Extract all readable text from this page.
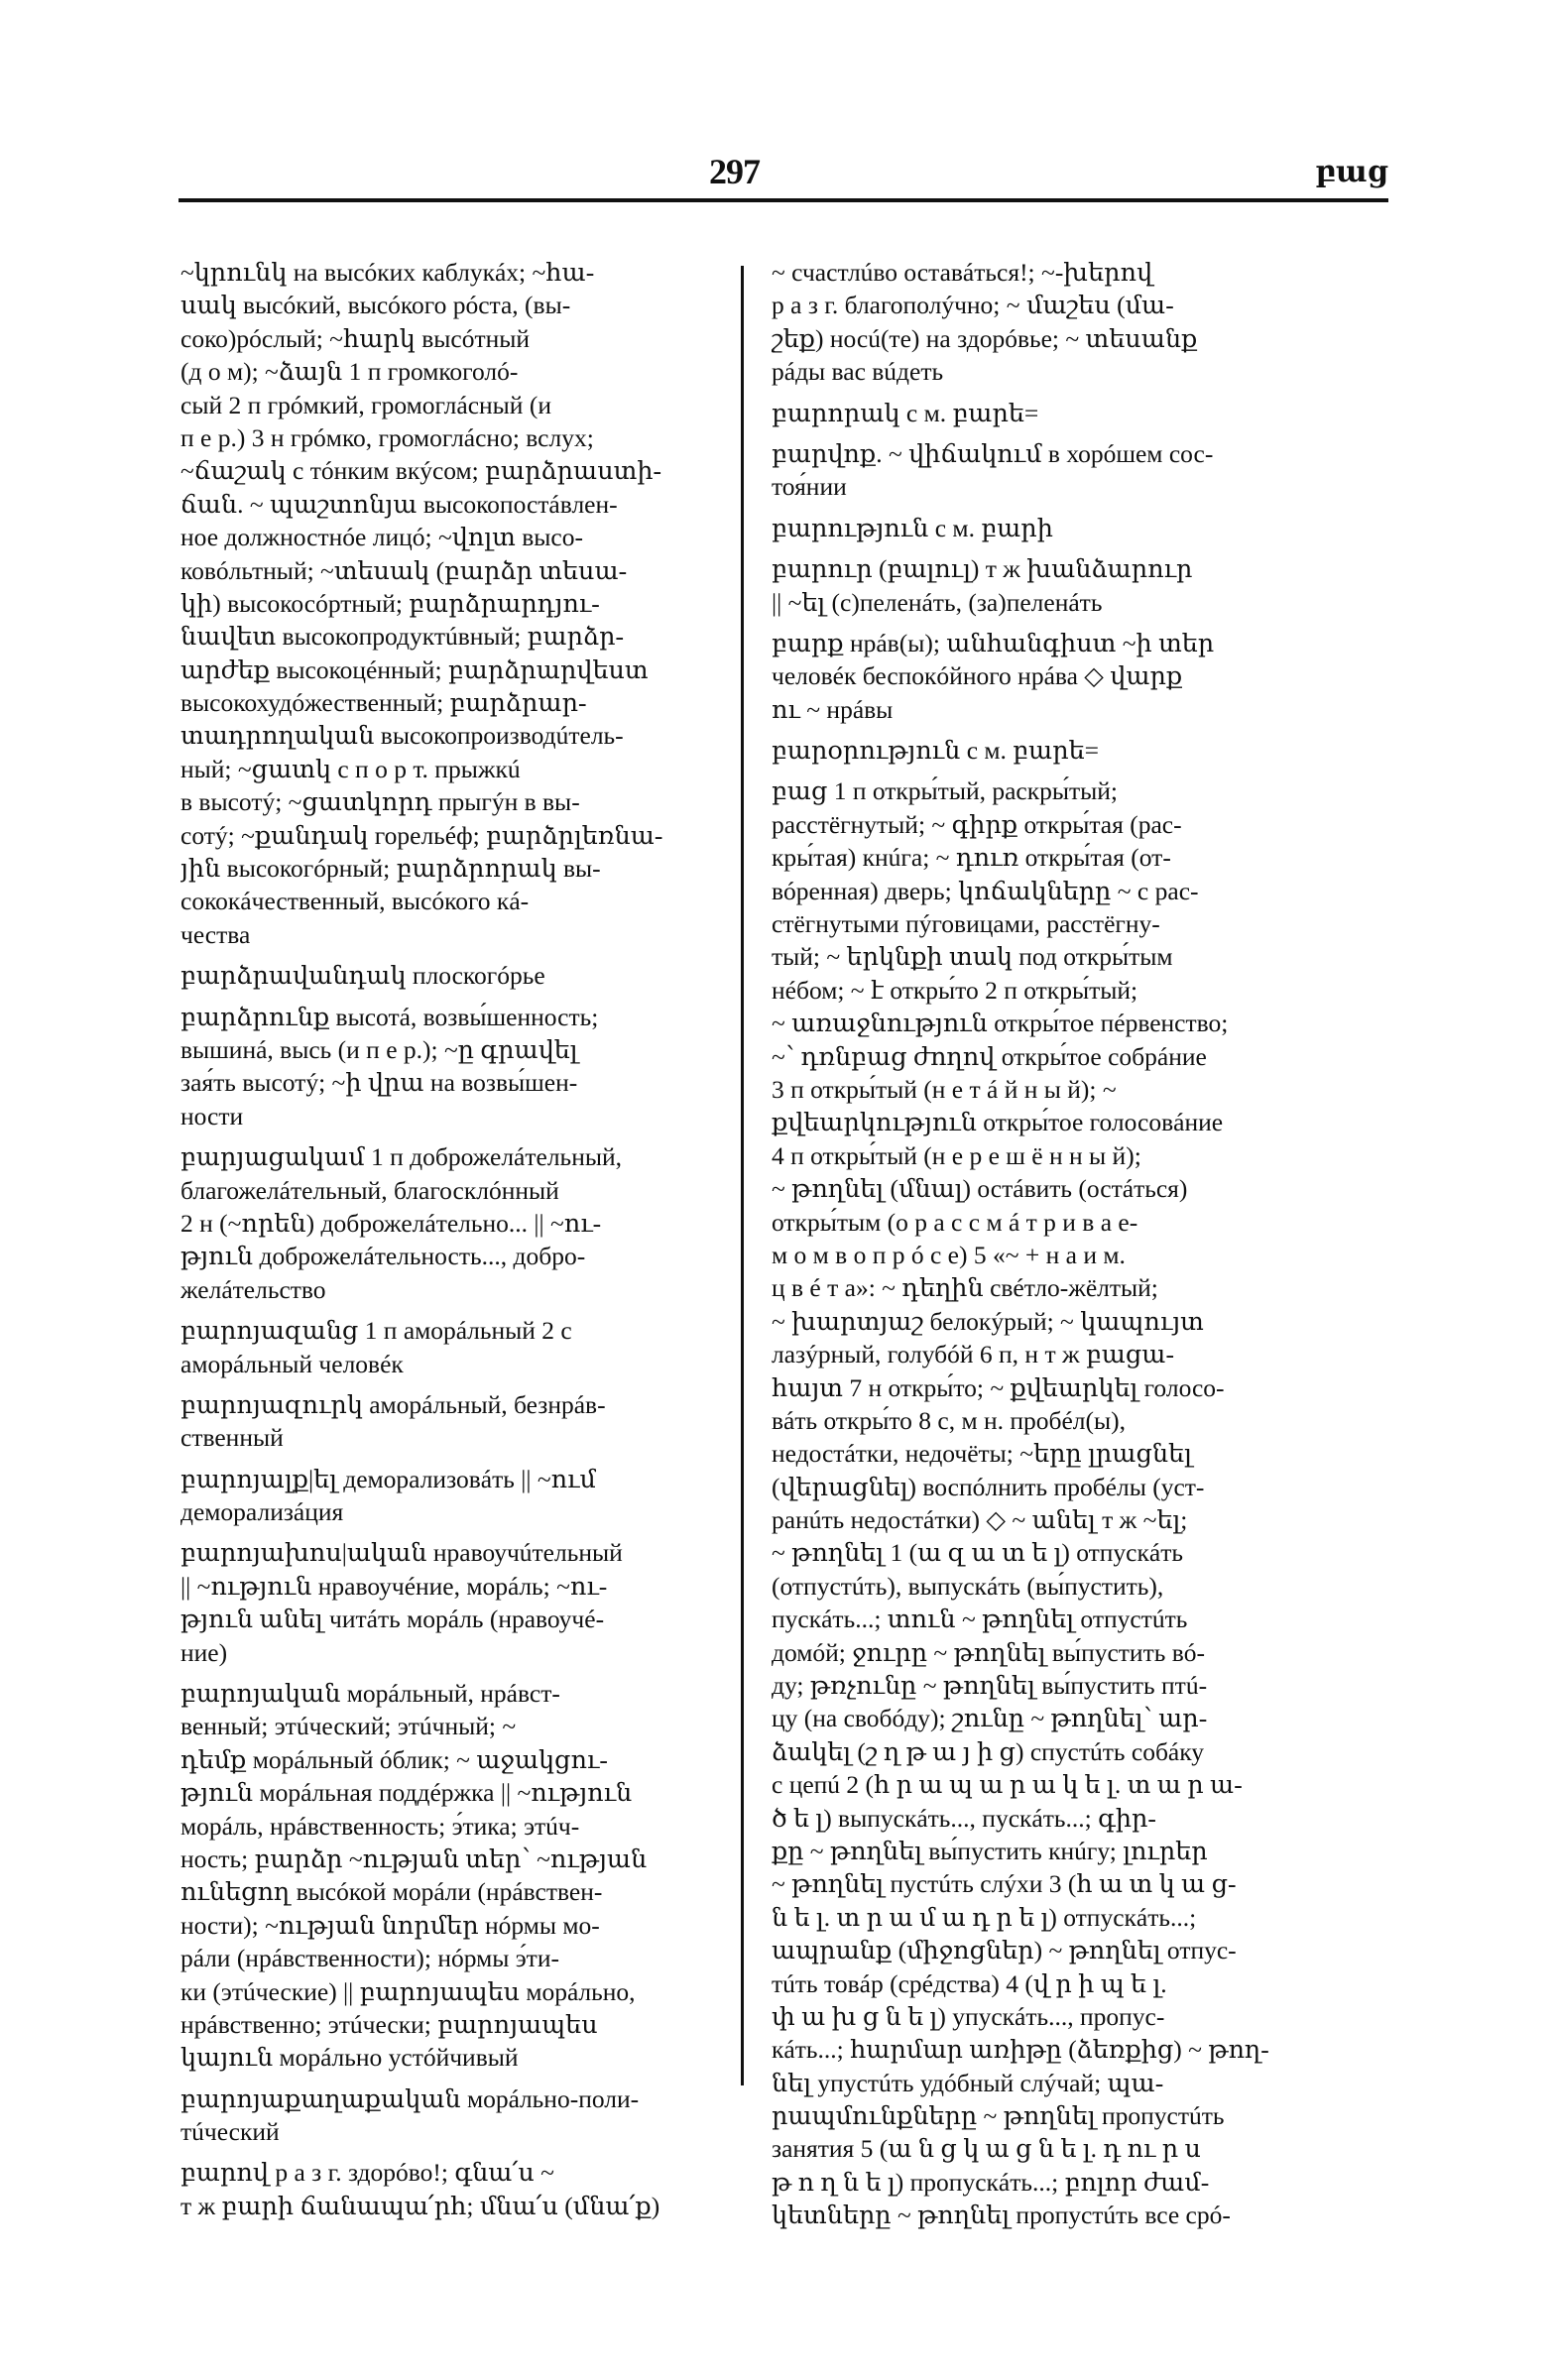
297	բաց
~կրունկ на высóких каблукáх; ~հա-
սակ высóкий, высóкого рóста, (вы-
соко)рóслый; ~հարկ высóтный
(д о м); ~ձայն 1 п громкоголó-
сый 2 п грóмкий, громоглáсный (и
п е р.) 3 н грóмко, громоглáсно; вслух;
~ճաշակ с тóнким вкýсом; բարձրաստի-
ճան. ~ պաշտոնյա высокопостáвлен-
ное должностнóе лицó; ~վոլտ высо-
ковóльтный; ~տեսակ (բարձր տեսա-
կի) высокосóртный; բարձրարդյու-
նավետ высокопродуктúвный; բարձր-
արժեք высокоцéнный; բարձրարվեստ
высокохудóжественный; բարձրար-
տադրողական высокопроизводúтель-
ный; ~ցատկ с п о р т. прыжкú
в высотý; ~ցատկորդ прыгýн в вы-
сотý; ~քանդակ горельéф; բարձրլեռնա-
յին высокогóрный; բարձրորակ вы-
сококáчественный, высóкого кá-
чества
բարձրավանդակ плоскогóрье
բարձրունք высотá, возвы́шенность;
вышинá, высь (и п е р.); ~ը գրավել
зая́ть высотý; ~ի վրա на возвы́шен-
ности
բարյացակամ 1 п доброжелáтельный,
благожелáтельный, благосклóнный
2 н (~որեն) доброжелáтельно... || ~ու-
թյուն доброжелáтельность..., добро-
желáтельство
բարոյազանց 1 п аморáльный 2 с
аморáльный человéк
բարոյազուրկ аморáльный, безнрáв-
ственный
բարոյալք|ել деморализовáть || ~ում
деморализáция
բարոյախոս|ական нравоучúтельный
|| ~ություն нравоучéние, морáль; ~ու-
թյուն անել читáть морáль (нравоучé-
ние)
բարոյական морáльный, нрáвст-
венный; этúческий; этúчный; ~
դեմք морáльный óблик; ~ աջակցու-
թյուն морáльная поддéржка || ~ություն
морáль, нрáвственность; э́тика; этúч-
ность; բարձր ~ության տեր՝ ~ության
ունեցող высóкой морáли (нрáвствен-
ности); ~ության նորմեր нóрмы мо-
рáли (нрáвственности); нóрмы э́ти-
ки (этúческие) || բարոյապես морáльно,
нрáвственно; этúчески; բարոյապես
կայուն морáльно устóйчивый
բարոյաքաղաքական морáльно-поли-
тúческий
բարով р а з г. здорóво!; գնա՛ս ~
т ж բարի ճանապա՛րհ; մնա՛ս (մնա՛ք)
~ счастлúво оставáться!; ~-խերով
р а з г. благополýчно; ~ մաշես (մա-
շեք) носú(те) на здорóвье; ~ տեսանք
рáды вас вúдеть
բարորակ с м. բարե=
բարվոք. ~ վիճակում в хорóшем сос-
тоя́нии
բարություն с м. բարի
բարուր (բալուլ) т ж խանձարուր
|| ~ել (с)пеленáть, (за)пеленáть
բարք нрáв(ы); անհանգիստ ~ի տեր
человéк беспокóйного нрáва ◇ վարք
ու ~ нрáвы
բարօրություն с м. բարե=
բաց 1 п откры́тый, раскры́тый;
расстёгнутый; ~ գիրք откры́тая (рас-
кры́тая) кнúга; ~ դուռ откры́тая (от-
вóренная) дверь; կոճակները ~ с рас-
стёгнутыми пýговицами, расстёгну-
тый; ~ երկնքի տակ под откры́тым
нéбом; ~ է откры́то 2 п откры́тый;
~ առաջնություն откры́тое пéрвенство;
~՝ դռնբաց ժողով откры́тое собрáние
3 п откры́тый (н е т á й н ы й); ~
քվեարկություն откры́тое голосовáние
4 п откры́тый (н е р е ш ё н н ы й);
~ թողնել (մնալ) остáвить (остáться)
откры́тым (о р а с с м á т р и в а е-
м о м в о п р ó с е) 5 «~ + н а и м.
ц в é т а»: ~ դեղին свéтло-жёлтый;
~ խարտյաշ белокýрый; ~ կապույտ
лазýрный, голубóй 6 п, н т ж բացա-
հայտ 7 н откры́то; ~ քվեարկել голосо-
вáть откры́то 8 с, м н. пробéл(ы),
недостáтки, недочёты; ~երը լրացնել
(վերացնել) воспóлнить пробéлы (уст-
ранúть недостáтки) ◇ ~ անել т ж ~ել;
~ թողնել 1 (ա զ ա տ ե լ) отпускáть
(отпустúть), выпускáть (вы́пустить),
пускáть...; տուն ~ թողնել отпустúть
домóй; ջուրը ~ թողնել вы́пустить вó-
ду; թռչունը ~ թողնել вы́пустить птú-
цу (на свобóду); շունը ~ թողնել՝ ար-
ձակել (շ ղ թ ա յ ի ց) спустúть собáку
с цепú 2 (հ ր ա պ ա ր ա կ ե լ. տ ա ր ա-
ծ ե լ) выпускáть..., пускáть...; գիր-
քը ~ թողնել вы́пустить кнúгу; լուրեր
~ թողնել пустúть слýхи 3 (հ ա տ կ ա ց-
ն ե լ. տ ր ա մ ա դ ր ե լ) отпускáть...;
ապրանք (միջոցներ) ~ թողնել отпус-
тúть товáр (срéдства) 4 (վ ր ի պ ե լ.
փ ա խ ց ն ե լ) упускáть..., пропус-
кáть...; հարմար առիթը (ձեռքից) ~ թող-
նել упустúть удóбный слýчай; պա-
րապմունքները ~ թողնել пропустúть
занятия 5 (ա ն ց կ ա ց ն ե լ. դ ու ր ս
թ ո ղ ն ե լ) пропускáть...; բոլոր ժամ-
կետները ~ թողնել пропустúть все срó-
